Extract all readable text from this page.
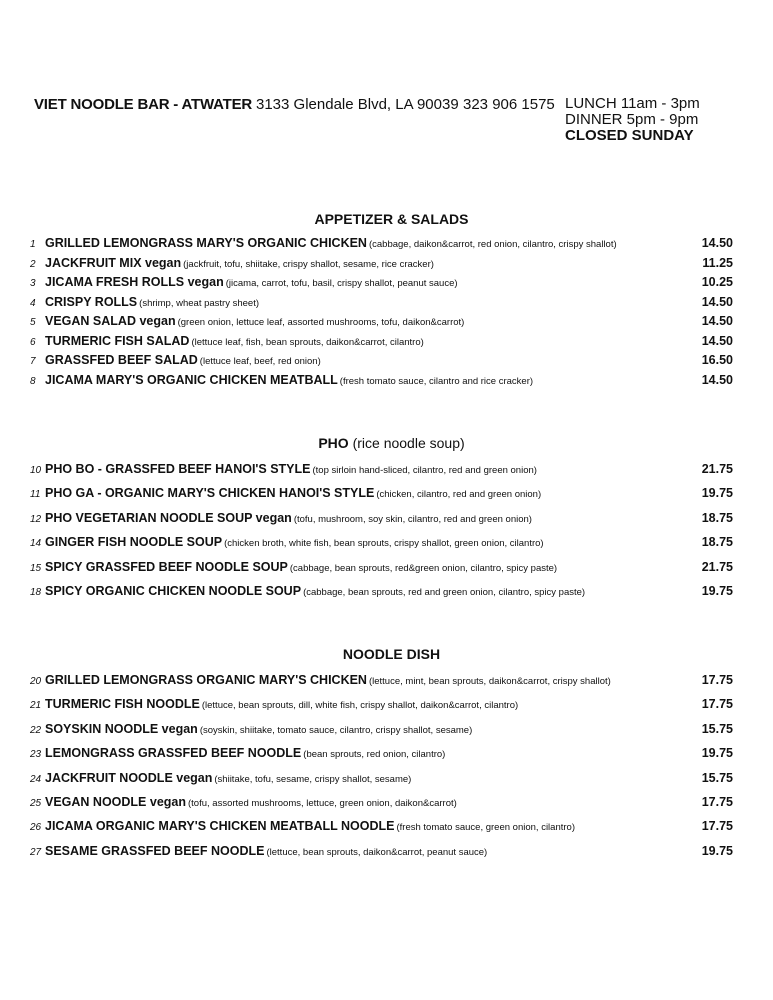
VIET NOODLE BAR - ATWATER 3133 Glendale Blvd, LA 90039 323 906 1575 LUNCH 11am - 3pm
DINNER 5pm - 9pm
CLOSED SUNDAY
APPETIZER & SALADS
1 GRILLED LEMONGRASS MARY'S ORGANIC CHICKEN (cabbage, daikon&carrot, red onion, cilantro, crispy shallot)	14.50
2 JACKFRUIT MIX vegan (jackfruit, tofu, shiitake, crispy shallot, sesame, rice cracker)	11.25
3 JICAMA FRESH ROLLS vegan (jicama, carrot, tofu, basil, crispy shallot, peanut sauce)	10.25
4 CRISPY ROLLS (shrimp, wheat pastry sheet)	14.50
5 VEGAN SALAD vegan (green onion, lettuce leaf, assorted mushrooms, tofu, daikon&carrot)	14.50
6 TURMERIC FISH SALAD (lettuce leaf, fish, bean sprouts, daikon&carrot, cilantro)	14.50
7 GRASSFED BEEF SALAD (lettuce leaf, beef, red onion)	16.50
8 JICAMA MARY'S ORGANIC CHICKEN MEATBALL (fresh tomato sauce, cilantro and rice cracker)	14.50
PHO (rice noodle soup)
10 PHO BO - GRASSFED BEEF HANOI'S STYLE (top sirloin hand-sliced, cilantro, red and green onion)	21.75
11 PHO GA - ORGANIC MARY'S CHICKEN HANOI'S STYLE (chicken, cilantro, red and green onion)	19.75
12 PHO VEGETARIAN NOODLE SOUP vegan (tofu, mushroom, soy skin, cilantro, red and green onion)	18.75
14 GINGER FISH NOODLE SOUP (chicken broth, white fish, bean sprouts, crispy shallot, green onion, cilantro)	18.75
15 SPICY GRASSFED BEEF NOODLE SOUP (cabbage, bean sprouts, red&green onion, cilantro, spicy paste)	21.75
18 SPICY ORGANIC CHICKEN NOODLE SOUP (cabbage, bean sprouts, red and green onion, cilantro, spicy paste)	19.75
NOODLE DISH
20 GRILLED LEMONGRASS ORGANIC MARY'S CHICKEN (lettuce, mint, bean sprouts, daikon&carrot, crispy shallot)	17.75
21 TURMERIC FISH NOODLE (lettuce, bean sprouts, dill, white fish, crispy shallot, daikon&carrot, cilantro)	17.75
22 SOYSKIN NOODLE vegan (soyskin, shiitake, tomato sauce, cilantro, crispy shallot, sesame)	15.75
23 LEMONGRASS GRASSFED BEEF NOODLE (bean sprouts, red onion, cilantro)	19.75
24 JACKFRUIT NOODLE vegan (shiitake, tofu, sesame, crispy shallot, sesame)	15.75
25 VEGAN NOODLE vegan (tofu, assorted mushrooms, lettuce, green onion, daikon&carrot)	17.75
26 JICAMA ORGANIC MARY'S CHICKEN MEATBALL NOODLE (fresh tomato sauce, green onion, cilantro)	17.75
27 SESAME GRASSFED BEEF NOODLE (lettuce, bean sprouts, daikon&carrot, peanut sauce)	19.75
